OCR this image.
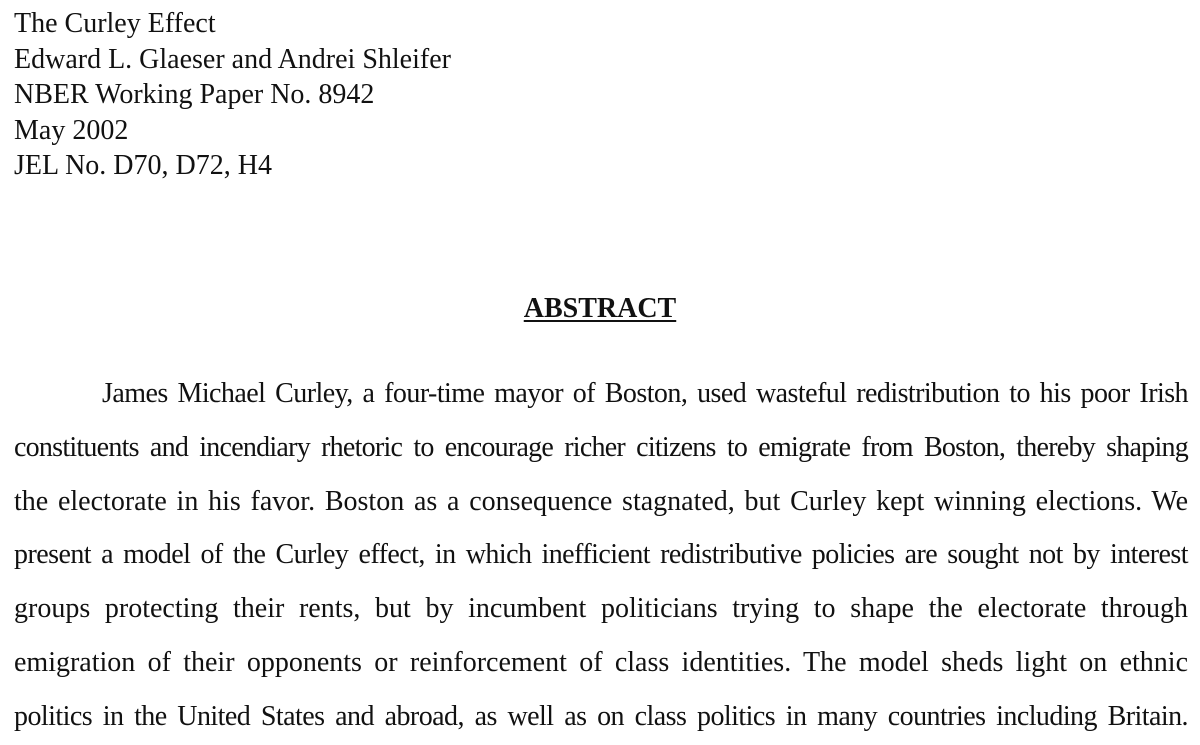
The Curley Effect
Edward L. Glaeser and Andrei Shleifer
NBER Working Paper No. 8942
May 2002
JEL No. D70, D72, H4
ABSTRACT
James Michael Curley, a four-time mayor of Boston, used wasteful redistribution to his poor Irish
constituents and incendiary rhetoric to encourage richer citizens to emigrate from Boston, thereby shaping
the electorate in his favor. Boston as a consequence stagnated, but Curley kept winning elections. We
present a model of the Curley effect, in which inefficient redistributive policies are sought not by interest
groups protecting their rents, but by incumbent politicians trying to shape the electorate through
emigration of their opponents or reinforcement of class identities. The model sheds light on ethnic
politics in the United States and abroad, as well as on class politics in many countries including Britain.
